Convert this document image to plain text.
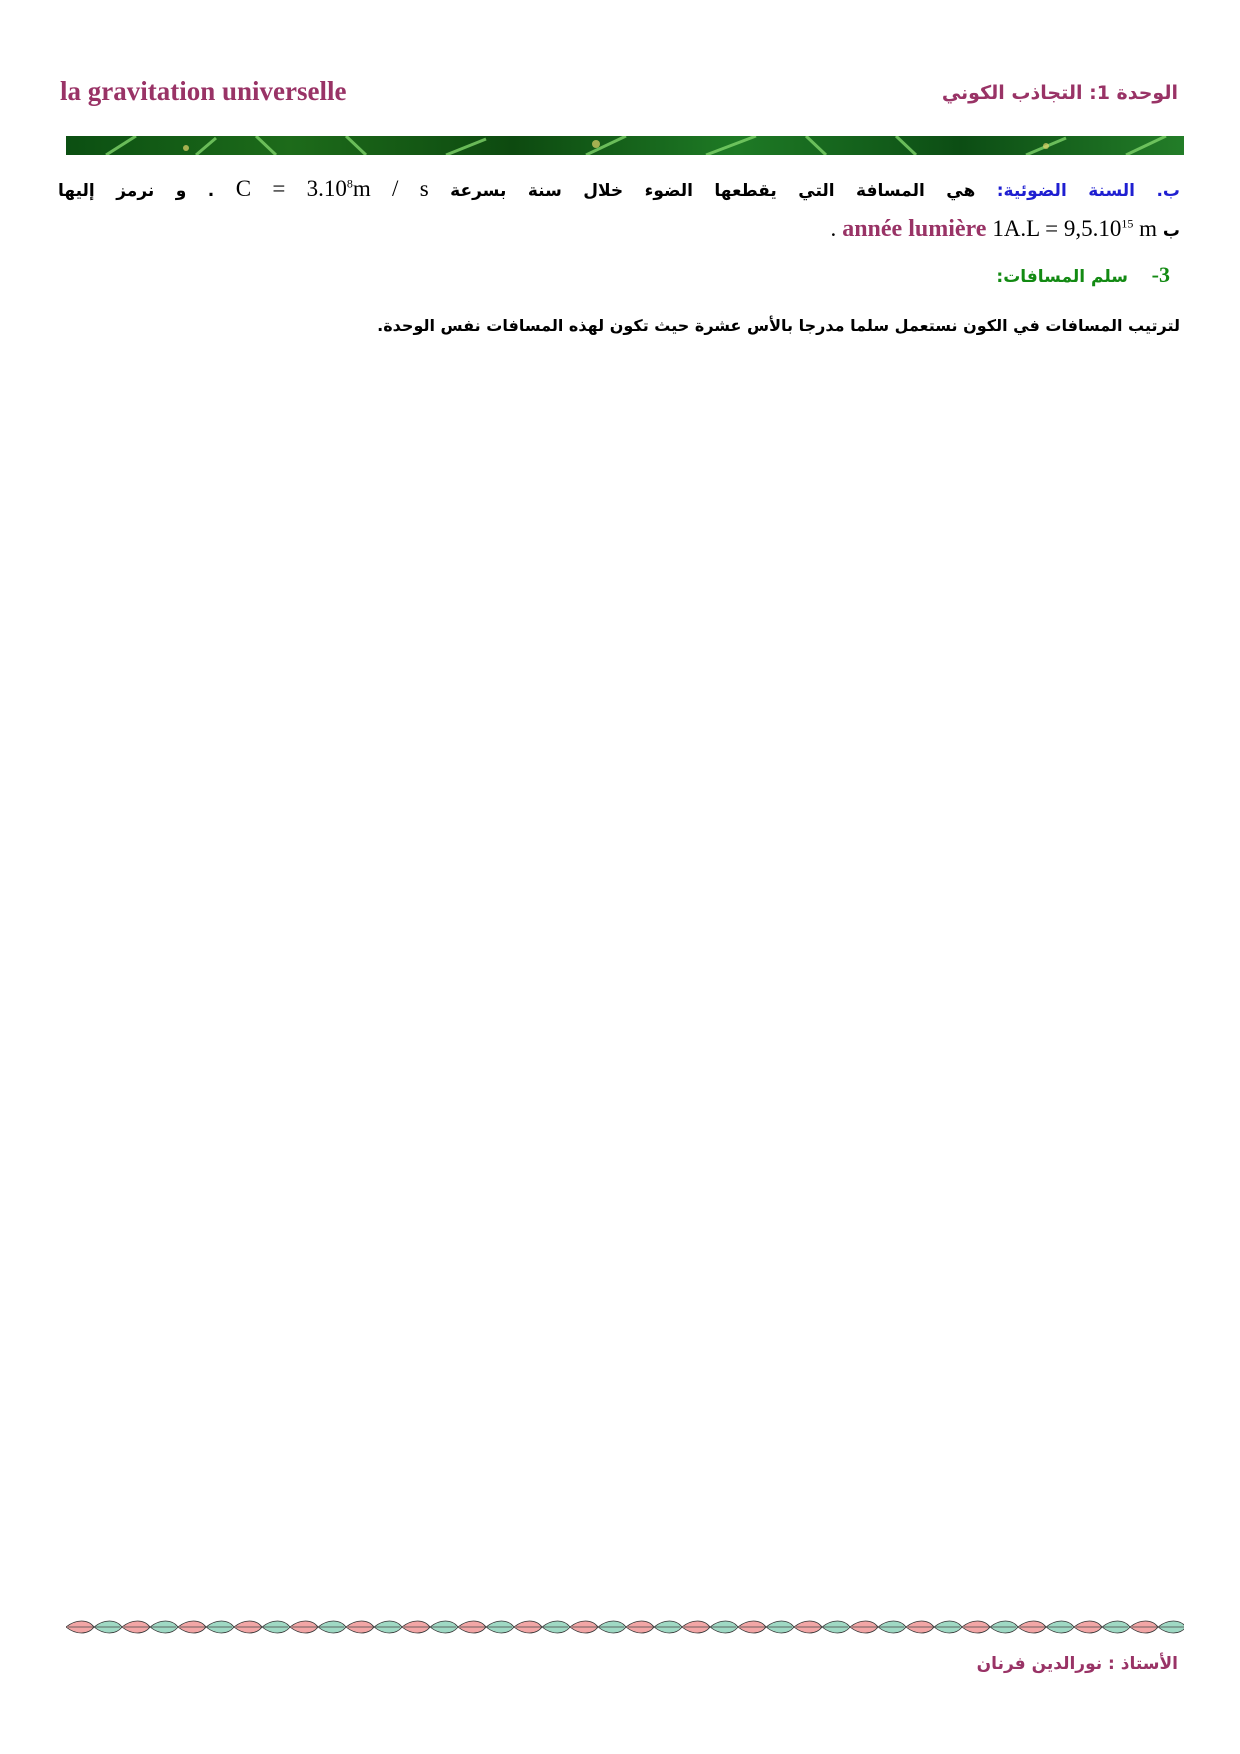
la gravitation universelle	الوحدة 1: التجاذب الكوني
ب. السنة الضوئية: هي المسافة التي يقطعها الضوء خلال سنة بسرعة $C = 3.10^8m / s$ . و نرمز إليها
ب $1A.L = 9,5.10^{15}$ m année lumière .
3-    سلم المسافات:
لترتيب المسافات في الكون نستعمل سلما مدرجا بالأس عشرة حيث تكون لهذه المسافات نفس الوحدة.
الأستاذ : نورالدين فرنان
